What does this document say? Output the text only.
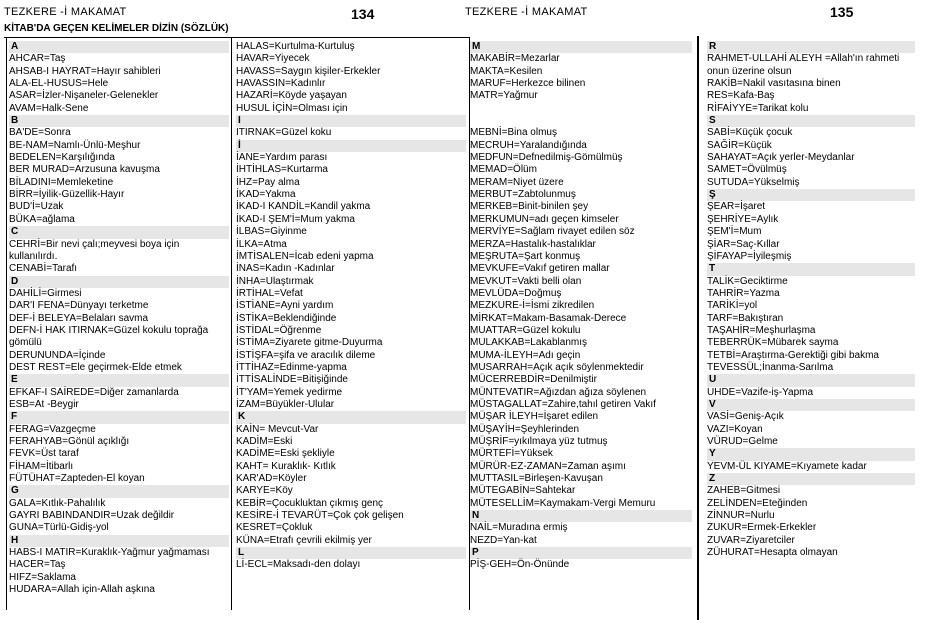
TEZKERE -İ MAKAMAT	134
KİTAB'DA GEÇEN KELİMELER DİZİN (SÖZLÜK)
TEZKERE -İ MAKAMAT	135
A
AHCAR=Taş
AHSAB-I HAYRAT=Hayır sahibleri
ALA-EL-HUSUS=Hele
ASAR=İzler-Nişaneler-Gelenekler
AVAM=Halk-Sene
B
BA'DE=Sonra
BE-NAM=Namlı-Ünlü-Meşhur
BEDELEN=Karşılığında
BER MURAD=Arzusuna kavuşma
BİLADINI=Memleketine
BİRR=İyilik-Güzellik-Hayır
BUD'İ=Uzak
BÜKA=ağlama
C
CEHRİ=Bir nevi çalı;meyvesi boya için kullanılırdı.
CENABİ=Tarafı
D
DAHİLİ=Girmesi
DAR'I FENA=Dünyayı terketme
DEF-İ BELEYA=Belaları savma
DEFN-İ HAK ITIRNAK=Güzel kokulu toprağa gömülü
DERUNUNDA=İçinde
DEST REST=Ele geçirmek-Elde etmek
E
EFKAF-I SAİREDE=Diğer zamanlarda
ESB=At -Beygir
F
FERAG=Vazgeçme
FERAHYAB=Gönül açıklığı
FEVK=Üst taraf
FİHAM=İtibarlı
FÜTÜHAT=Zapteden-El koyan
G
GALA=Kıtlık-Pahalılık
GAYRI BABINDANDIR=Uzak değildir
GUNA=Türlü-Gidiş-yol
H
HABS-I MATIR=Kuraklık-Yağmur yağmaması
HACER=Taş
HIFZ=Saklama
HUDARA=Allah için-Allah aşkına
HALAS=Kurtulma-Kurtuluş
HAVAR=Yiyecek
HAVASS=Saygın kişiler-Erkekler
HAVASSIN=Kadınlır
HAZARİ=Köyde yaşayan
HUSUL İÇİN=Olması için
I
ITIRNAK=Güzel koku
İ
İANE=Yardım parası
İHTİHLAS=Kurtarma
İHZ=Pay alma
İKAD=Yakma
İKAD-I KANDİL=Kandil yakma
İKAD-I ŞEM'İ=Mum yakma
İLBAS=Giyinme
İLKA=Atma
İMTİSALEN=İcab edeni yapma
İNAS=Kadın -Kadınlar
İNHA=Ulaştırmak
İRTİHAL=Vefat
İSTİANE=Ayni yardım
İSTİKA=Beklendiğinde
İSTİDAL=Öğrenme
İSTİMA=Ziyarete gitme-Duyurma
İSTİŞFA=şifa ve aracılık dileme
İTTİHAZ=Edinme-yapma
İTTİSALİNDE=Bitişiğinde
İT'YAM=Yemek yedirme
İZAM=Büyükler-Ulular
K
KAİN= Mevcut-Var
KADİM=Eski
KADİME=Eski şekliyle
KAHT= Kuraklık- Kıtlık
KAR'AD=Köyler
KARYE=Köy
KEBİR=Çocukluktan çıkmış genç
KESİRE-İ TEVARÜT=Çok çok gelişen
KESRET=Çokluk
KÜNA=Etrafı çevrili ekilmiş yer
L
Lİ-ECL=Maksadı-den dolayı
M
MAKABİR=Mezarlar
MAKTA=Kesilen
MARUF=Herkezce bilinen
MATR=Yağmur
MEBNİ=Bina olmuş
MECRUH=Yaralandığında
MEDFUN=Defnedilmiş-Gömülmüş
MEMAD=Ölüm
MERAM=Niyet üzere
MERBUT=Zabtolunmuş
MERKEB=Binit-binilen şey
MERKUMUN=adı geçen kimseler
MERVİYE=Sağlam rivayet edilen söz
MERZA=Hastalık-hastalıklar
MEŞRUTA=Şart konmuş
MEVKUFE=Vakıf getiren mallar
MEVKUT=Vakti belli olan
MEVLÜDA=Doğmuş
MEZKURE-İ=İsmi zikredilen
MİRKAT=Makam-Basamak-Derece
MUATTAR=Güzel kokulu
MULAKKAB=Lakablanmış
MUMA-İLEYH=Adı geçin
MUSARRAH=Açık açık söylenmektedir
MÜCERREBDİR=Denilmiştir
MÜNTEVATIR=Ağızdan ağıza söylenen
MÜSTAGALLAT=Zahire,tahıl getiren Vakıf
MÜŞAR İLEYH=İşaret edilen
MÜŞAYİH=Şeyhlerinden
MÜŞRİF=yıkılmaya yüz tutmuş
MÜRTEFİ=Yüksek
MÜRÜR-EZ-ZAMAN=Zaman aşımı
MUTTASIL=Birleşen-Kavuşan
MÜTEGABİN=Sahtekar
MÜTESELLİM=Kaymakam-Vergi Memuru
N
NAİL=Muradına ermiş
NEZD=Yan-kat
P
PİŞ-GEH=Ön-Önünde
R
RAHMET-ULLAHİ ALEYH =Allah'ın rahmeti onun üzerine olsun
RAKİB=Nakil vasıtasına binen
RES=Kafa-Baş
RİFAİYYE=Tarikat kolu
S
SABİ=Küçük çocuk
SAĞİR=Küçük
SAHAYAT=Açık yerler-Meydanlar
SAMET=Övülmüş
SUTUDA=Yükselmiş
Ş
ŞEAR=İşaret
ŞEHRİYE=Aylık
ŞEM'İ=Mum
ŞİAR=Saç-Kıllar
ŞİFAYAP=İyileşmiş
T
TALİK=Geciktirme
TAHRİR=Yazma
TARİKİ=yol
TARF=Bakıştıran
TAŞAHİR=Meşhurlaşma
TEBERRÜK=Mübarek sayma
TETBİ=Araştırma-Gerektiği gibi bakma
TEVESSÜL;İnanma-Sarılma
U
UHDE=Vazife-iş-Yapma
V
VASİ=Geniş-Açık
VAZI=Koyan
VÜRUD=Gelme
Y
YEVM-ÜL KIYAME=Kıyamete kadar
Z
ZAHEB=Gitmesi
ZELİNDEN=Eteğinden
ZİNNUR=Nurlu
ZUKUR=Ermek-Erkekler
ZUVAR=Ziyaretciler
ZÜHURAT=Hesapta olmayan
